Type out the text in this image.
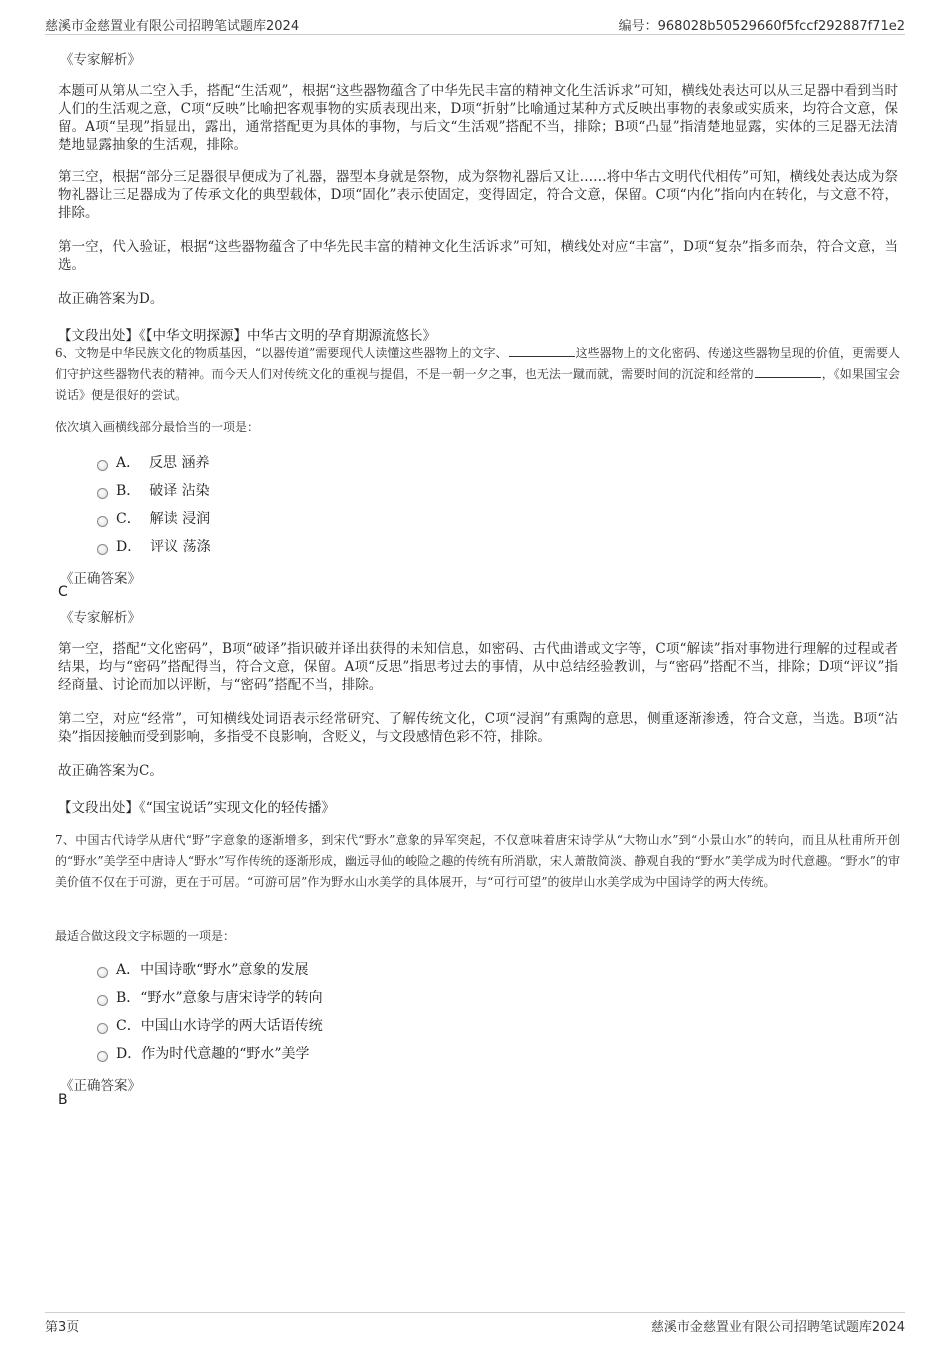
慈溪市金慈置业有限公司招聘笔试题库2024	编号：968028b50529660f5fccf292887f71e2
《专家解析》
本题可从第从二空入手，搭配“生活观”，根据“这些器物蕴含了中华先民丰富的精神文化生活诉求”可知，横线处表达可以从三足器中看到当时人们的生活观之意，C项“反映”比喻把客观事物的实质表现出来，D项“折射”比喻通过某种方式反映出事物的表象或实质来，均符合文意，保留。A项“呈现”指显出，露出，通常搭配更为具体的事物，与后文“生活观”搭配不当，排除；B项“凸显”指清楚地显露，实体的三足器无法清楚地显露抽象的生活观，排除。
第三空，根据“部分三足器很早便成为了礼器，器型本身就是祭物，成为祭物礼器后又让……将中华古文明代代相传”可知，横线处表达成为祭物礼器让三足器成为了传承文化的典型载体，D项“固化”表示使固定，变得固定，符合文意，保留。C项“内化”指向内在转化，与文意不符，排除。
第一空，代入验证，根据“这些器物蕴含了中华先民丰富的精神文化生活诉求”可知，横线处对应“丰富”，D项“复杂”指多而杂，符合文意，当选。
故正确答案为D。
【文段出处】《【中华文明探源】中华古文明的孕育期源流悠长》
6、文物是中华民族文化的物质基因，“以器传道”需要现代人读懂这些器物上的文字、	这些器物上的文化密码、传递这些器物呈现的价值，更需要人们守护这些器物代表的精神。而今天人们对传统文化的重视与提倡，不是一朝一夕之事，也无法一蹴而就，需要时间的沉淀和经常的	，《如果国宝会说话》便是很好的尝试。
依次填入画横线部分最恰当的一项是：
A．
反思 涵养
B．
破译 沾染
C．
解读 浸润
D．
评议 荡涤
《正确答案》
C
《专家解析》
第一空，搭配“文化密码”，B项“破译”指识破并译出获得的未知信息，如密码、古代曲谱或文字等，C项“解读”指对事物进行理解的过程或者结果，均与“密码”搭配得当，符合文意，保留。A项“反思”指思考过去的事情，从中总结经验教训，与“密码”搭配不当，排除；D项“评议”指经商量、讨论而加以评断，与“密码”搭配不当，排除。
第二空，对应“经常”，可知横线处词语表示经常研究、了解传统文化，C项“浸润”有熏陶的意思，侧重逐渐渗透，符合文意，当选。B项“沾染”指因接触而受到影响，多指受不良影响，含贬义，与文段感情色彩不符，排除。
故正确答案为C。
【文段出处】《“国宝说话”实现文化的轻传播》
7、中国古代诗学从唐代“野”字意象的逐渐增多，到宋代“野水”意象的异军突起，不仅意味着唐宋诗学从“大物山水”到“小景山水”的转向，而且从杜甫所开创的“野水”美学至中唐诗人“野水”写作传统的逐渐形成，幽远寻仙的峻险之趣的传统有所消歇，宋人萧散简淡、静观自我的“野水”美学成为时代意趣。“野水”的审美价值不仅在于可游，更在于可居。“可游可居”作为野水山水美学的具体展开，与“可行可望”的彼岸山水美学成为中国诗学的两大传统。
最适合做这段文字标题的一项是：
A． 中国诗歌“野水”意象的发展
B． “野水”意象与唐宋诗学的转向
C． 中国山水诗学的两大话语传统
D． 作为时代意趣的“野水”美学
《正确答案》
B
第3页	慈溪市金慈置业有限公司招聘笔试题库2024
